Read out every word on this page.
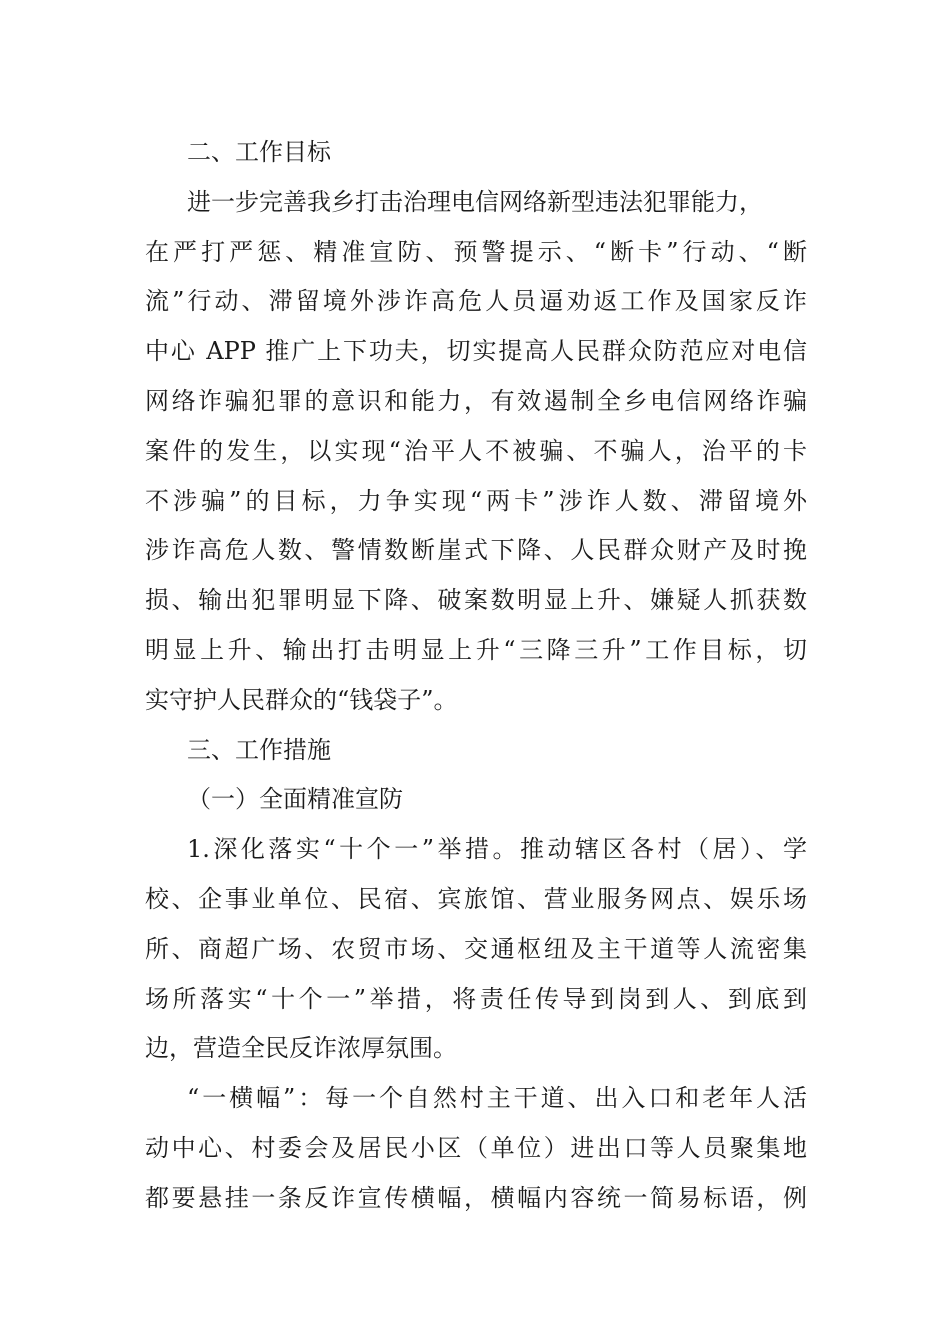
二、工作目标
进一步完善我乡打击治理电信网络新型违法犯罪能力，
在严打严惩、精准宣防、预警提示、“断卡”行动、“断
流”行动、滞留境外涉诈高危人员逼劝返工作及国家反诈
中心 APP 推广上下功夫，切实提高人民群众防范应对电信
网络诈骗犯罪的意识和能力，有效遏制全乡电信网络诈骗
案件的发生，以实现“治平人不被骗、不骗人，治平的卡
不涉骗”的目标，力争实现“两卡”涉诈人数、滞留境外
涉诈高危人数、警情数断崖式下降、人民群众财产及时挽
损、输出犯罪明显下降、破案数明显上升、嫌疑人抓获数
明显上升、输出打击明显上升“三降三升”工作目标，切
实守护人民群众的“钱袋子”。
三、工作措施
（一）全面精准宣防
1.深化落实“十个一”举措。推动辖区各村（居）、学
校、企事业单位、民宿、宾旅馆、营业服务网点、娱乐场
所、商超广场、农贸市场、交通枢纽及主干道等人流密集
场所落实“十个一”举措，将责任传导到岗到人、到底到
边，营造全民反诈浓厚氛围。
“一横幅”：每一个自然村主干道、出入口和老年人活
动中心、村委会及居民小区（单位）进出口等人员聚集地
都要悬挂一条反诈宣传横幅，横幅内容统一简易标语，例
